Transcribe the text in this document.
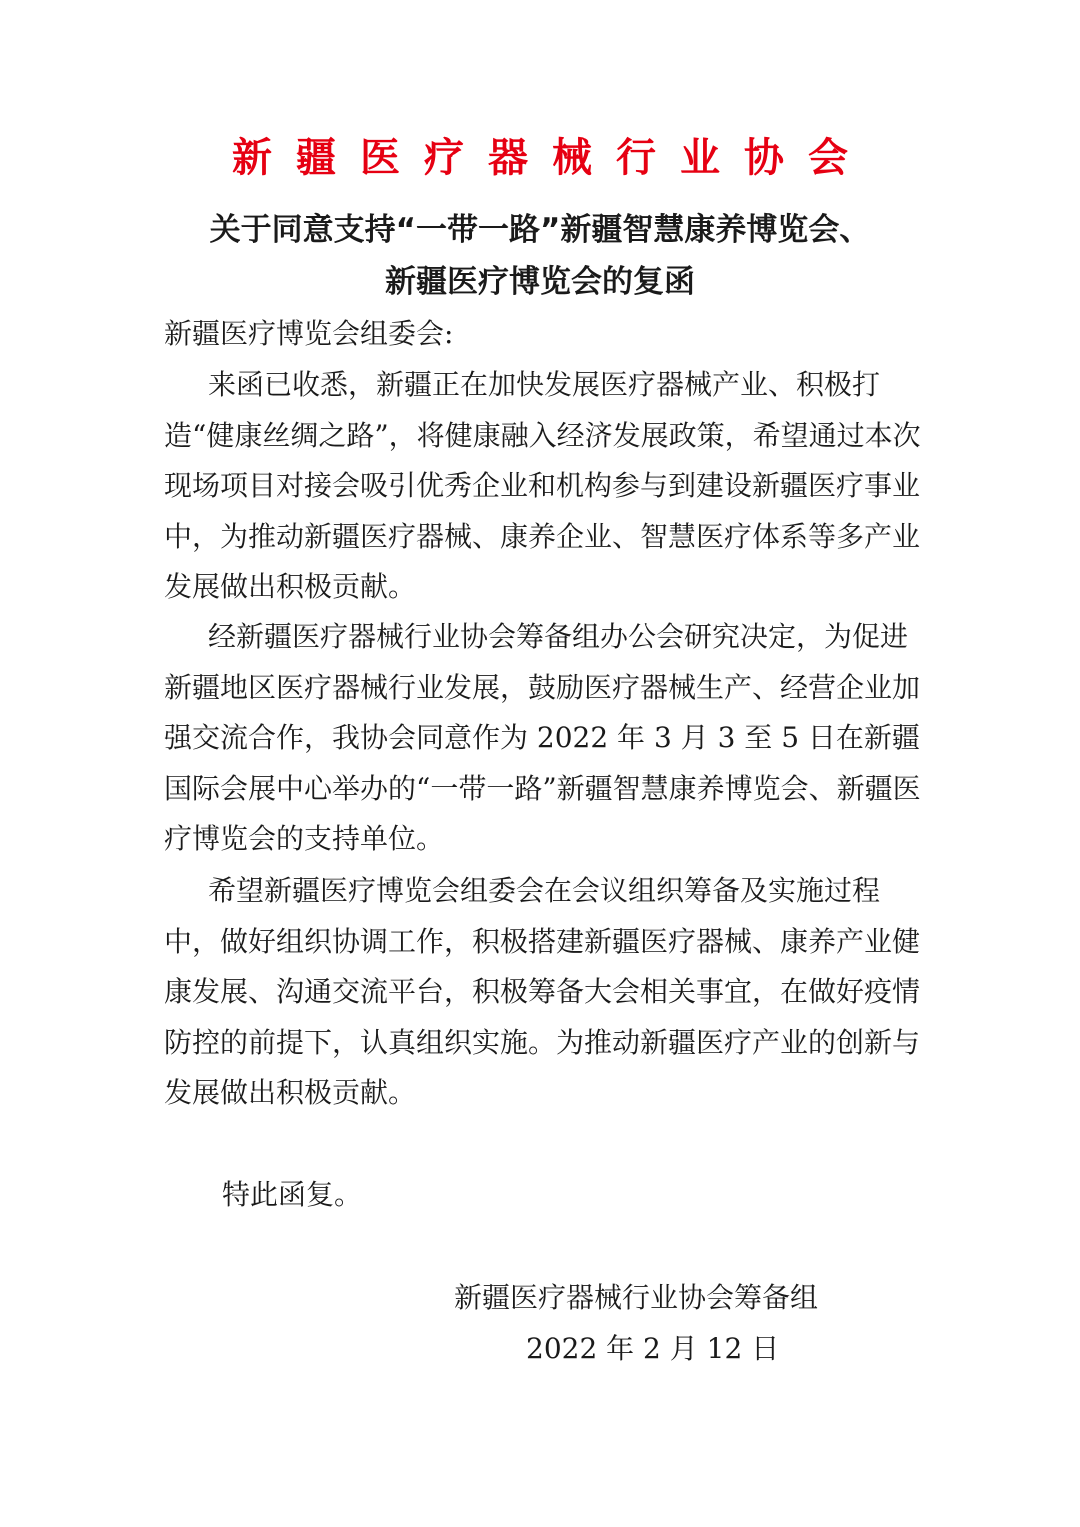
新疆医疗器械行业协会
关于同意支持“一带一路”新疆智慧康养博览会、
新疆医疗博览会的复函
新疆医疗博览会组委会:
来函已收悉，新疆正在加快发展医疗器械产业、积极打造“健康丝绸之路”，将健康融入经济发展政策，希望通过本次现场项目对接会吸引优秀企业和机构参与到建设新疆医疗事业中，为推动新疆医疗器械、康养企业、智慧医疗体系等多产业发展做出积极贡献。
经新疆医疗器械行业协会筹备组办公会研究决定，为促进新疆地区医疗器械行业发展，鼓励医疗器械生产、经营企业加强交流合作，我协会同意作为 2022 年 3 月 3 至 5 日在新疆国际会展中心举办的“一带一路”新疆智慧康养博览会、新疆医疗博览会的支持单位。
希望新疆医疗博览会组委会在会议组织筹备及实施过程中，做好组织协调工作，积极搭建新疆医疗器械、康养产业健康发展、沟通交流平台，积极筹备大会相关事宜，在做好疫情防控的前提下，认真组织实施。为推动新疆医疗产业的创新与发展做出积极贡献。
特此函复。
新疆医疗器械行业协会筹备组
2022 年 2 月 12 日
